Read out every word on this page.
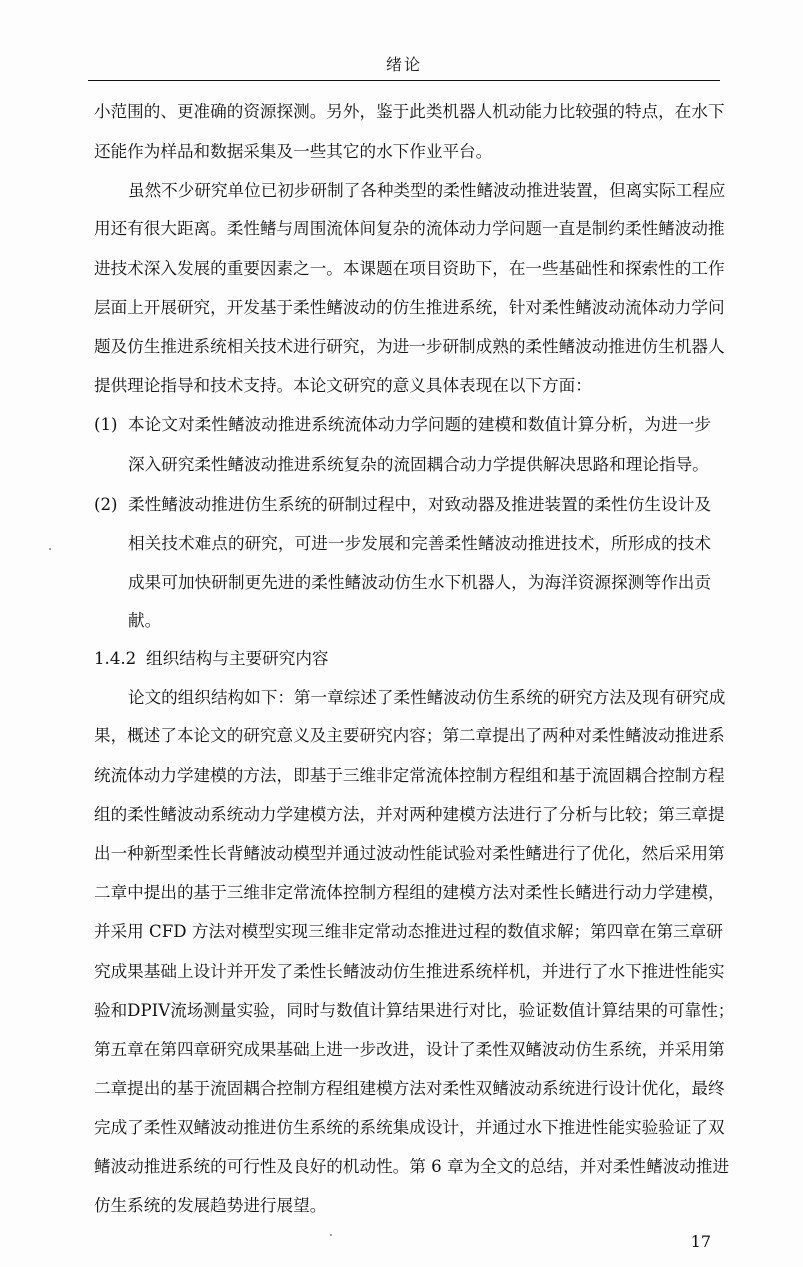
绪论
小范围的、更准确的资源探测。另外，鉴于此类机器人机动能力比较强的特点，在水下
还能作为样品和数据采集及一些其它的水下作业平台。
虽然不少研究单位已初步研制了各种类型的柔性鳍波动推进装置，但离实际工程应
用还有很大距离。柔性鳍与周围流体间复杂的流体动力学问题一直是制约柔性鳍波动推
进技术深入发展的重要因素之一。本课题在项目资助下，在一些基础性和探索性的工作
层面上开展研究，开发基于柔性鳍波动的仿生推进系统，针对柔性鳍波动流体动力学问
题及仿生推进系统相关技术进行研究，为进一步研制成熟的柔性鳍波动推进仿生机器人
提供理论指导和技术支持。本论文研究的意义具体表现在以下方面：
(1) 本论文对柔性鳍波动推进系统流体动力学问题的建模和数值计算分析，为进一步
深入研究柔性鳍波动推进系统复杂的流固耦合动力学提供解决思路和理论指导。
(2) 柔性鳍波动推进仿生系统的研制过程中，对致动器及推进装置的柔性仿生设计及
相关技术难点的研究，可进一步发展和完善柔性鳍波动推进技术，所形成的技术
成果可加快研制更先进的柔性鳍波动仿生水下机器人，为海洋资源探测等作出贡
献。
1.4.2 组织结构与主要研究内容
论文的组织结构如下：第一章综述了柔性鳍波动仿生系统的研究方法及现有研究成
果，概述了本论文的研究意义及主要研究内容；第二章提出了两种对柔性鳍波动推进系
统流体动力学建模的方法，即基于三维非定常流体控制方程组和基于流固耦合控制方程
组的柔性鳍波动系统动力学建模方法，并对两种建模方法进行了分析与比较；第三章提
出一种新型柔性长背鳍波动模型并通过波动性能试验对柔性鳍进行了优化，然后采用第
二章中提出的基于三维非定常流体控制方程组的建模方法对柔性长鳍进行动力学建模，
并采用 CFD 方法对模型实现三维非定常动态推进过程的数值求解；第四章在第三章研
究成果基础上设计并开发了柔性长鳍波动仿生推进系统样机，并进行了水下推进性能实
验和DPIV流场测量实验，同时与数值计算结果进行对比，验证数值计算结果的可靠性；
第五章在第四章研究成果基础上进一步改进，设计了柔性双鳍波动仿生系统，并采用第
二章提出的基于流固耦合控制方程组建模方法对柔性双鳍波动系统进行设计优化，最终
完成了柔性双鳍波动推进仿生系统的系统集成设计，并通过水下推进性能实验验证了双
鳍波动推进系统的可行性及良好的机动性。第 6 章为全文的总结，并对柔性鳍波动推进
仿生系统的发展趋势进行展望。
17
